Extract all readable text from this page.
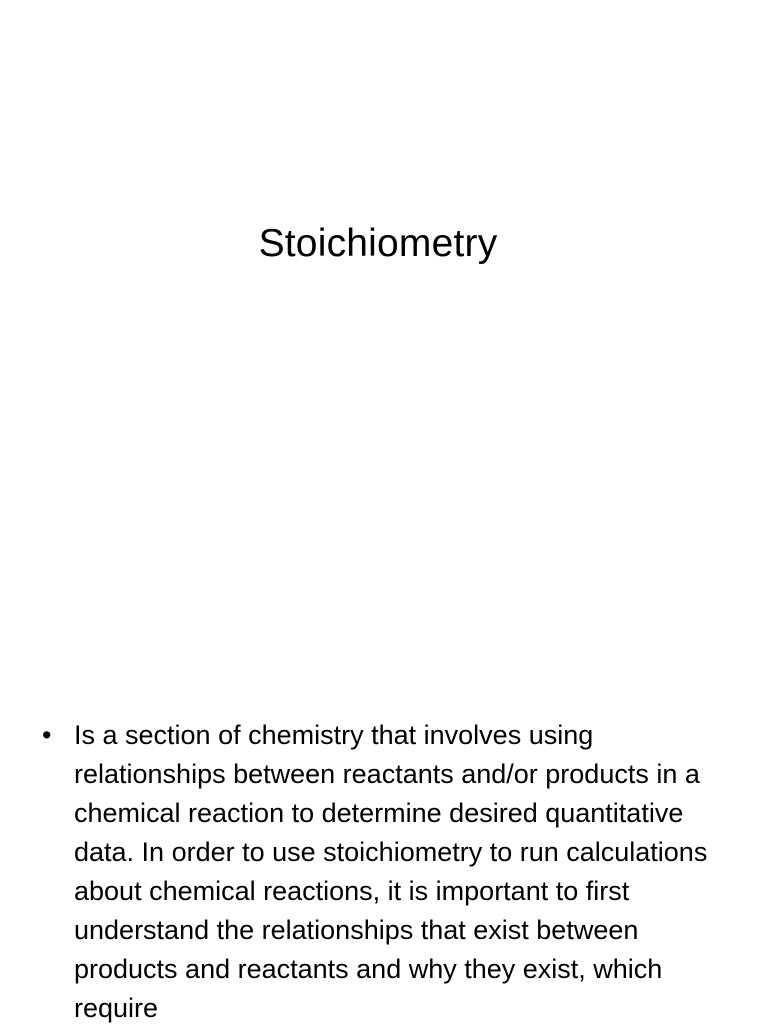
Stoichiometry
• Is a section of chemistry that involves using relationships between reactants and/or products in a chemical reaction to determine desired quantitative data. In order to use stoichiometry to run calculations about chemical reactions, it is important to first understand the relationships that exist between products and reactants and why they exist, which require
